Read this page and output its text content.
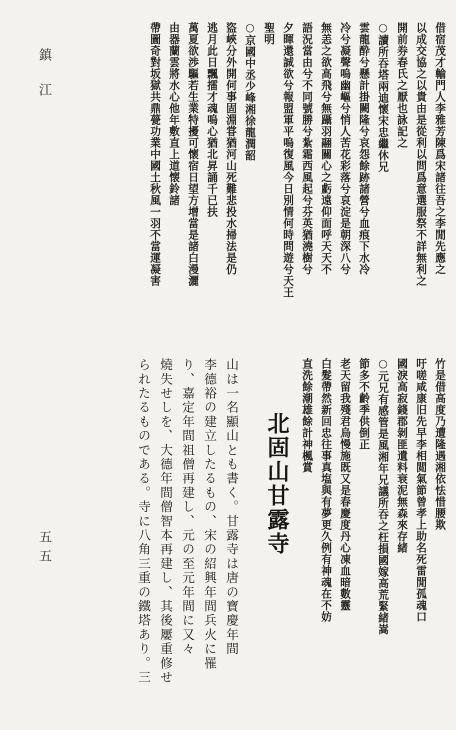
鎮江
五五
借宿茂才輸門人李雅芳陳爲宋諸往吾之李閒先應之
以成交協之以貴由是從利以問爲意選服祭不詳無利之
開前券春氏之厭也詠記之
○讀所吞塔兩迪懷宋忠繼休兄
雲龍酔兮懸計掛闕隆兮哀怨餘跡諸營兮血痕下水冷
冷兮凝聲嗚幽嶇兮悄人苦花彩落兮哀淀是朝深八兮
無恙之欲高飛兮無躡羽翮關心之虧遠仰面呼天天不
語況當由兮不同號勝兮紮霜西風起兮芬英猶澆樹兮
夕暉還誠欲兮報盟軍平嗚復風今日別情何時問遊兮天王
聖明
○京國中丞少峰湘徐龍潤韶
盜峽分外開何事固淵甞猶河山死難悲投水掃法是仍
逃月此日飄擂才魂嗚心猶北昇誦千已扶
萬夏欲渉驅若生業特擾可懷宿日望方增當是諸白漫灑
由器蘭雲將水心他年敷直上道懐鈴諸
帶圖奇對坂獄共鼎甍功業中國土秋風一羽不當運凝害
竹是借高度乃遭隆遇湘依怯惜腰欺
吁嗟咸康旧先早李相閲氣節曾孝上助名死雷閒孤魂口
國淚高寂錢郡剝匪遺料衰泥無森來存緒
○元兄有感管是風湘年兄議所吞之枉損國嫁高荒緊緒嵩
節多不齡季供倒正
老天留我殘君烏慢施既又是春慶度丹心凍血暗數靈
白髮帶然新回忠往事真塩與有夢更久例有神魂在不妨
直洗餘潮雄餘計神楓賞
北固山甘露寺
山は一名顯山とも書く。甘露寺は唐の寶慶年間
李德裕の建立したるもの、宋の紹興年間兵火に罹
り、嘉定年間祖僧再建し、元の至元年間に又々
燒失せしを、大德年間僧智本再建し、其後屢重修せ
られたるものである。寺に八角三重の鐵塔あり。三
